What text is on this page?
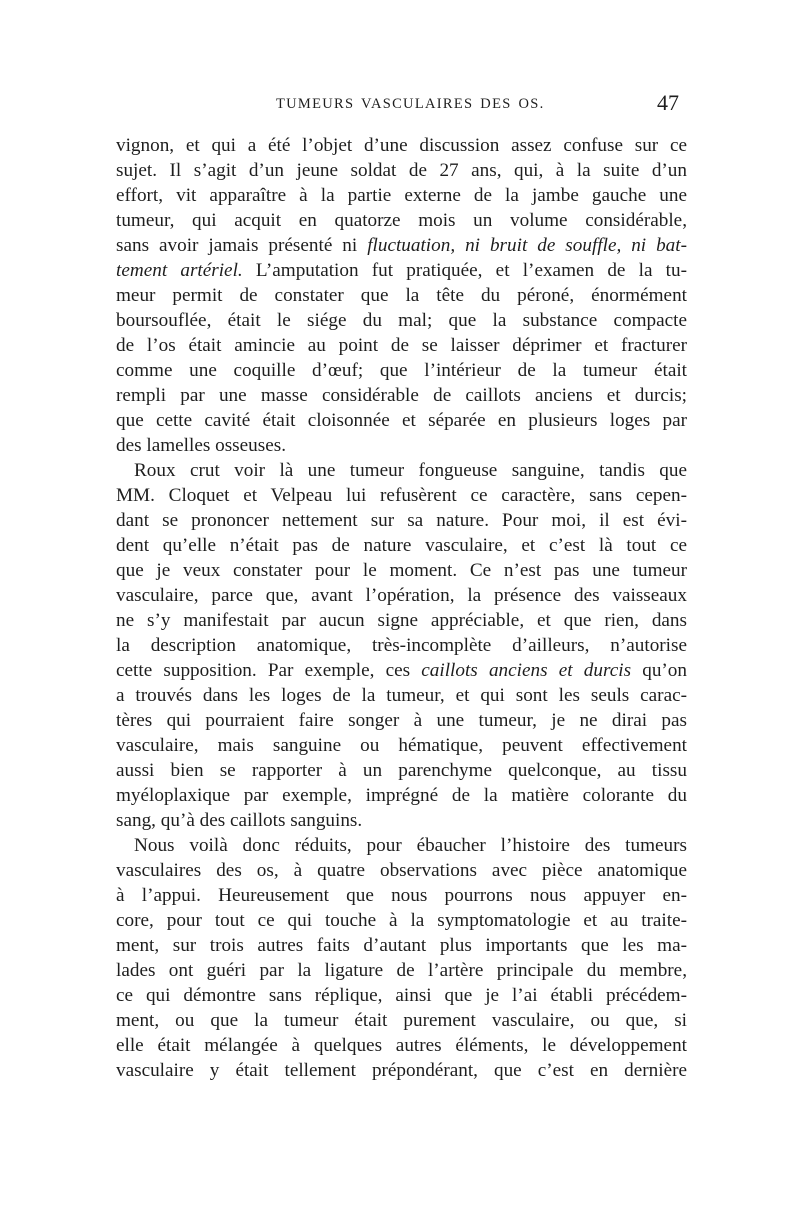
TUMEURS VASCULAIRES DES OS.	47
vignon, et qui a été l’objet d’une discussion assez confuse sur ce
sujet. Il s’agit d’un jeune soldat de 27 ans, qui, à la suite d’un
effort, vit apparaître à la partie externe de la jambe gauche une
tumeur, qui acquit en quatorze mois un volume considérable,
sans avoir jamais présenté ni fluctuation, ni bruit de souffle, ni bat-
tement artériel. L’amputation fut pratiquée, et l’examen de la tu-
meur permit de constater que la tête du péroné, énormément
boursouflée, était le siége du mal; que la substance compacte
de l’os était amincie au point de se laisser déprimer et fracturer
comme une coquille d’œuf; que l’intérieur de la tumeur était
rempli par une masse considérable de caillots anciens et durcis;
que cette cavité était cloisonnée et séparée en plusieurs loges par
des lamelles osseuses.
Roux crut voir là une tumeur fongueuse sanguine, tandis que
MM. Cloquet et Velpeau lui refusèrent ce caractère, sans cepen-
dant se prononcer nettement sur sa nature. Pour moi, il est évi-
dent qu’elle n’était pas de nature vasculaire, et c’est là tout ce
que je veux constater pour le moment. Ce n’est pas une tumeur
vasculaire, parce que, avant l’opération, la présence des vaisseaux
ne s’y manifestait par aucun signe appréciable, et que rien, dans
la description anatomique, très-incomplète d’ailleurs, n’autorise
cette supposition. Par exemple, ces caillots anciens et durcis qu’on
a trouvés dans les loges de la tumeur, et qui sont les seuls carac-
tères qui pourraient faire songer à une tumeur, je ne dirai pas
vasculaire, mais sanguine ou hématique, peuvent effectivement
aussi bien se rapporter à un parenchyme quelconque, au tissu
myéloplaxique par exemple, imprégné de la matière colorante du
sang, qu’à des caillots sanguins.
Nous voilà donc réduits, pour ébaucher l’histoire des tumeurs
vasculaires des os, à quatre observations avec pièce anatomique
à l’appui. Heureusement que nous pourrons nous appuyer en-
core, pour tout ce qui touche à la symptomatologie et au traite-
ment, sur trois autres faits d’autant plus importants que les ma-
lades ont guéri par la ligature de l’artère principale du membre,
ce qui démontre sans réplique, ainsi que je l’ai établi précédem-
ment, ou que la tumeur était purement vasculaire, ou que, si
elle était mélangée à quelques autres éléments, le développement
vasculaire y était tellement prépondérant, que c’est en dernière
